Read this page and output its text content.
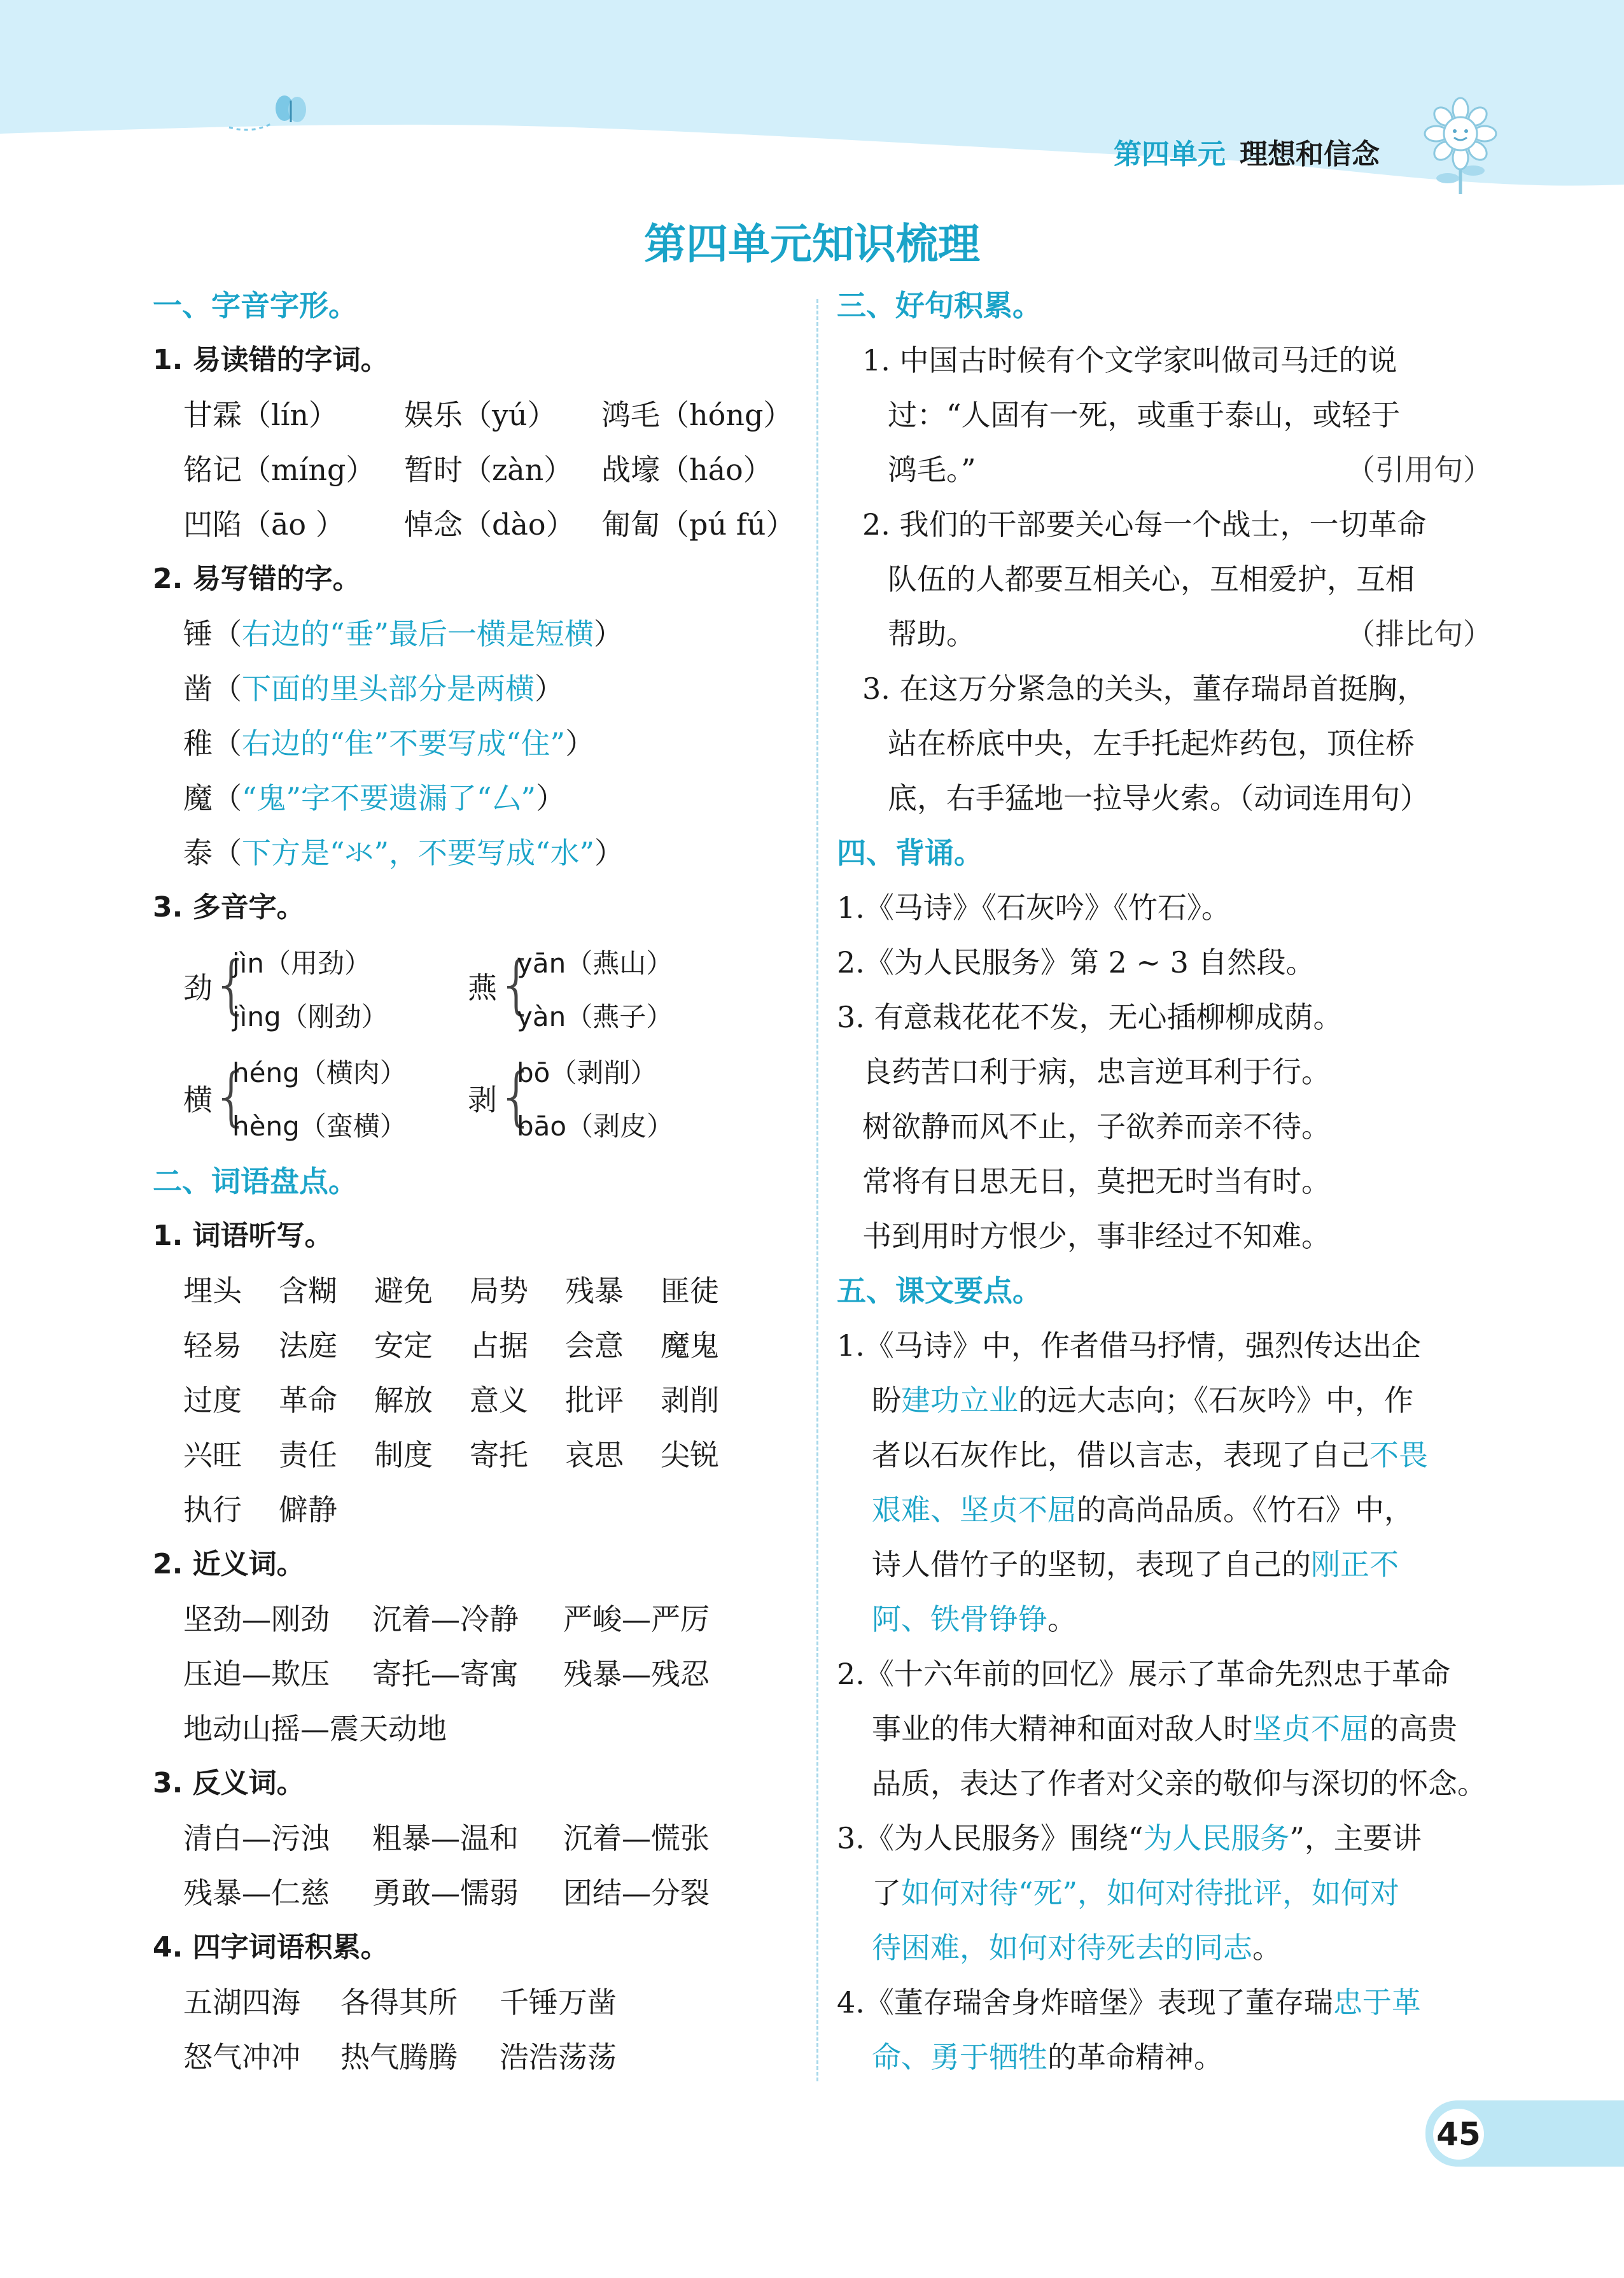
第四单元 理想和信念
第四单元知识梳理
一、字音字形。
1. 易读错的字词。
甘霖（lín） 娱乐（yú） 鸿毛（hóng）
铭记（míng） 暂时（zàn） 战壕（háo）
凹陷（āo ） 悼念（dào） 匍匐（pú fú）
2. 易写错的字。
锤（右边的“垂”最后一横是短横）
凿（下面的里头部分是两横）
稚（右边的“隹”不要写成“住”）
魔（“鬼”字不要遗漏了“厶”）
泰（下方是“氺”，不要写成“水”）
3. 多音字。
劲
{
jìn（用劲）
jìng（刚劲）
燕 {
yān（燕山）
yàn（燕子）
横
{
héng（横肉）
hèng（蛮横）
剥 {
bō（剥削）
bāo（剥皮）
二、词语盘点。
1. 词语听写。
埋头 含糊 避免 局势 残暴 匪徒
轻易 法庭 安定 占据 会意 魔鬼
过度 革命 解放 意义 批评 剥削
兴旺 责任 制度 寄托 哀思 尖锐
执行 僻静
2. 近义词。
坚劲—刚劲 沉着—冷静 严峻—严厉
压迫—欺压 寄托—寄寓 残暴—残忍
地动山摇—震天动地
3. 反义词。
清白—污浊 粗暴—温和 沉着—慌张
残暴—仁慈 勇敢—懦弱 团结—分裂
4. 四字词语积累。
五湖四海 各得其所 千锤万凿
怒气冲冲 热气腾腾 浩浩荡荡
三、好句积累。
1. 中国古时候有个文学家叫做司马迁的说
过：“人固有一死，或重于泰山，或轻于
鸿毛。”	（引用句）
2. 我们的干部要关心每一个战士，一切革命
队伍的人都要互相关心，互相爱护，互相
帮助。	（排比句）
3. 在这万分紧急的关头，董存瑞昂首挺胸，
站在桥底中央，左手托起炸药包，顶住桥
底，右手猛地一拉导火索。（动词连用句）
四、背诵。
1.《马诗》《石灰吟》《竹石》。
2.《为人民服务》第 2 ~ 3 自然段。
3. 有意栽花花不发，无心插柳柳成荫。
良药苦口利于病，忠言逆耳利于行。
树欲静而风不止，子欲养而亲不待。
常将有日思无日，莫把无时当有时。
书到用时方恨少，事非经过不知难。
五、课文要点。
1.《马诗》中，作者借马抒情，强烈传达出企
盼建功立业的远大志向；《石灰吟》中，作
者以石灰作比，借以言志，表现了自己不畏
艰难、坚贞不屈的高尚品质。《竹石》中，
诗人借竹子的坚韧，表现了自己的刚正不
阿、铁骨铮铮。
2.《十六年前的回忆》展示了革命先烈忠于革命
事业的伟大精神和面对敌人时坚贞不屈的高贵
品质，表达了作者对父亲的敬仰与深切的怀念。
3.《为人民服务》围绕“为人民服务”，主要讲
了如何对待“死”，如何对待批评，如何对
待困难，如何对待死去的同志。
4.《董存瑞舍身炸暗堡》表现了董存瑞忠于革
命、勇于牺牲的革命精神。
45
